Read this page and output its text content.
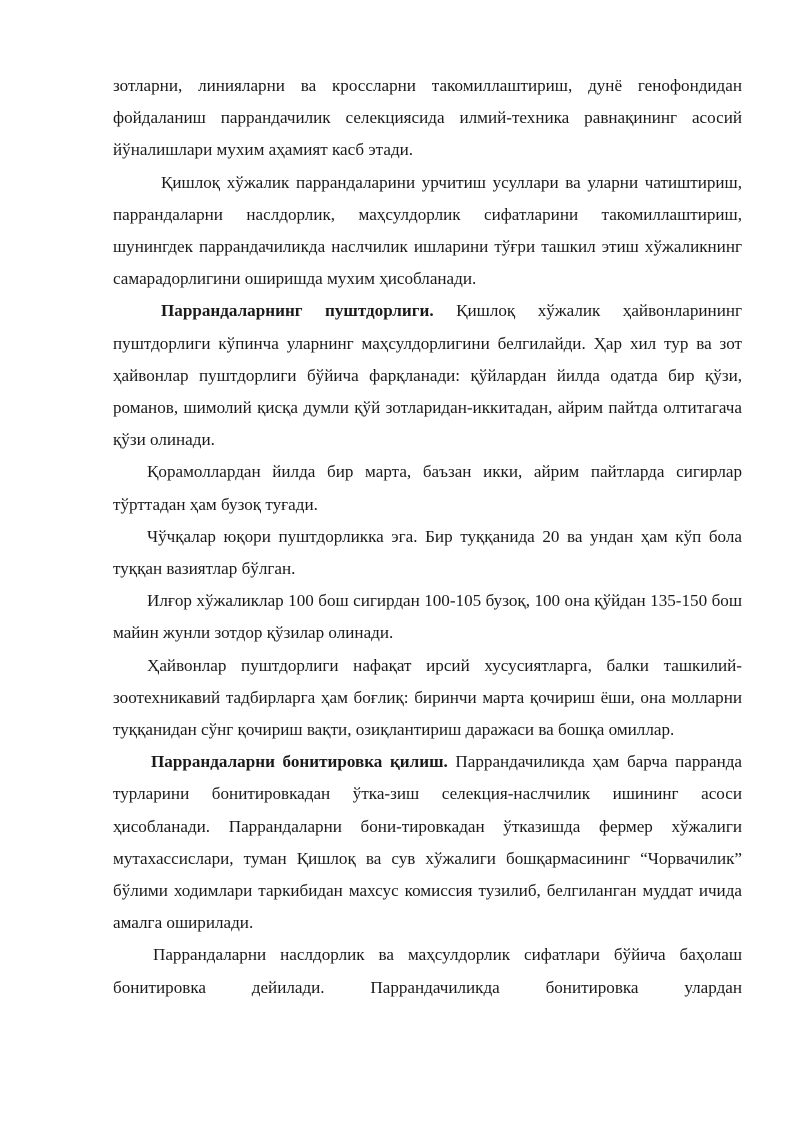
зотларни, линияларни ва кроссларни такомиллаштириш, дунё генофондидан фойдаланиш паррандачилик селекциясида илмий-техника равнақининг асосий йўналишлари мухим аҳамият касб этади.

Қишлоқ хўжалик паррандаларини урчитиш усуллари ва уларни чатиштириш, паррандаларни наслдорлик, маҳсулдорлик сифатларини такомиллаштириш, шунингдек паррандачиликда наслчилик ишларини тўғри ташкил этиш хўжаликнинг самарадорлигини оширишда мухим ҳисобланади.

Паррандаларнинг пуштдорлиги. Қишлоқ хўжалик ҳайвонларининг пуштдорлиги кўпинча уларнинг маҳсулдорлигини белгилайди. Ҳар хил тур ва зот ҳайвонлар пуштдорлиги бўйича фарқланади: қўйлардан йилда одатда бир қўзи, романов, шимолий қисқа думли қўй зотларидан-иккитадан, айрим пайтда олтитагача қўзи олинади.

Қорамоллардан йилда бир марта, баъзан икки, айрим пайтларда сигирлар тўрттадан ҳам бузоқ туғади.

Чўчқалар юқори пуштдорликка эга. Бир туққанида 20 ва ундан ҳам кўп бола туққан вазиятлар бўлган.

Илғор хўжаликлар 100 бош сигирдан 100-105 бузоқ, 100 она қўйдан 135-150 бош майин жунли зотдор қўзилар олинади.

Ҳайвонлар пуштдорлиги нафақат ирсий хусусиятларга, балки ташкилий-зоотехникавий тадбирларга ҳам боғлиқ: биринчи марта қочириш ёши, она молларни туққанидан сўнг қочириш вақти, озиқлантириш даражаси ва бошқа омиллар.

Паррандаларни бонитировка қилиш. Паррандачиликда ҳам барча парранда турларини бонитировкадан ўтка-зиш селекция-наслчилик ишининг асоси ҳисобланади. Паррандаларни бони-тировкадан ўтказишда фермер хўжалиги мутахассислари, туман Қишлоқ ва сув хўжалиги бошқармасининг “Чорвачилик” бўлими ходимлари таркибидан махсус комиссия тузилиб, белгиланган муддат ичида амалга оширилади.

Паррандаларни наслдорлик ва маҳсулдорлик сифатлари бўйича баҳолаш бонитировка дейилади. Паррандачиликда бонитировка улардан
